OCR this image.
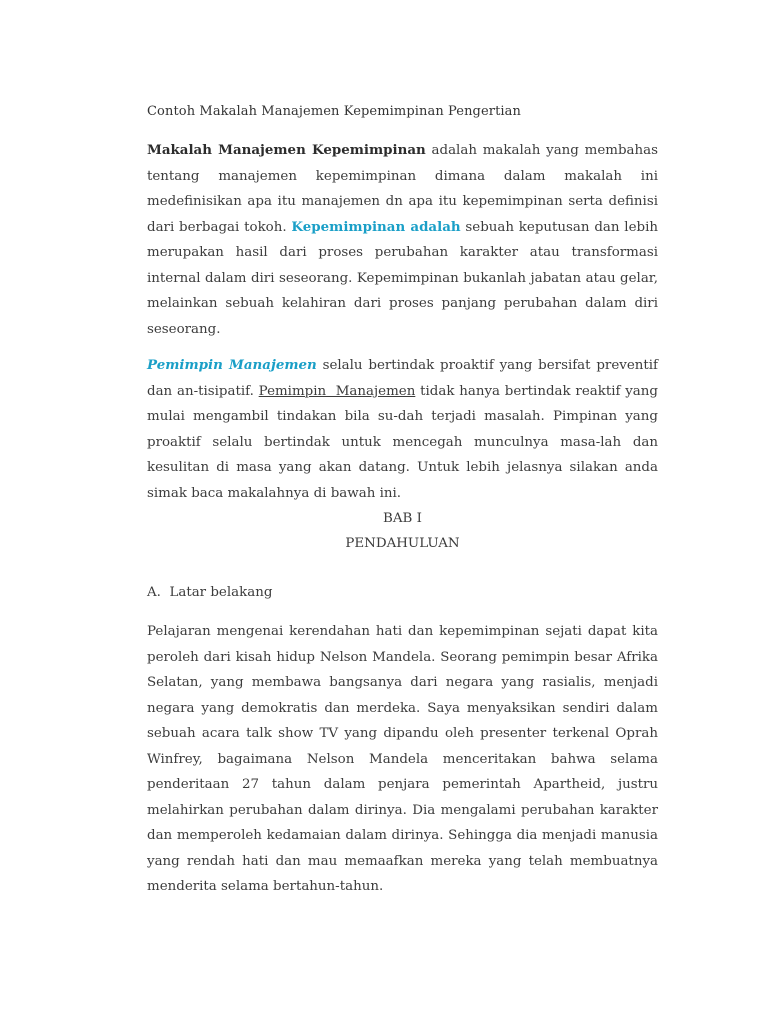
Contoh Makalah Manajemen Kepemimpinan Pengertian

Makalah Manajemen Kepemimpinan adalah makalah yang membahas tentang manajemen kepemimpinan dimana dalam makalah ini medefinisikan apa itu manajemen dn apa itu kepemimpinan serta definisi dari berbagai tokoh. Kepemimpinan adalah sebuah keputusan dan lebih merupakan hasil dari proses perubahan karakter atau transformasi internal dalam diri seseorang. Kepemimpinan bukanlah jabatan atau gelar, melainkan sebuah kelahiran dari proses panjang perubahan dalam diri seseorang.

Pemimpin Manajemen selalu bertindak proaktif yang bersifat preventif dan an-tisipatif. Pemimpin  Manajemen tidak hanya bertindak reaktif yang mulai mengambil tindakan bila su-dah terjadi masalah. Pimpinan yang proaktif selalu bertindak untuk mencegah munculnya masa-lah dan kesulitan di masa yang akan datang. Untuk lebih jelasnya silakan anda simak baca makalahnya di bawah ini.

BAB I
PENDAHULUAN
A.  Latar belakang

Pelajaran mengenai kerendahan hati dan kepemimpinan sejati dapat kita peroleh dari kisah hidup Nelson Mandela. Seorang pemimpin besar Afrika Selatan, yang membawa bangsanya dari negara yang rasialis, menjadi negara yang demokratis dan merdeka. Saya menyaksikan sendiri dalam sebuah acara talk show TV yang dipandu oleh presenter terkenal Oprah Winfrey, bagaimana Nelson Mandela menceritakan bahwa selama penderitaan 27 tahun dalam penjara pemerintah Apartheid, justru melahirkan perubahan dalam dirinya. Dia mengalami perubahan karakter dan memperoleh kedamaian dalam dirinya. Sehingga dia menjadi manusia yang rendah hati dan mau memaafkan mereka yang telah membuatnya menderita selama bertahun-tahun.
